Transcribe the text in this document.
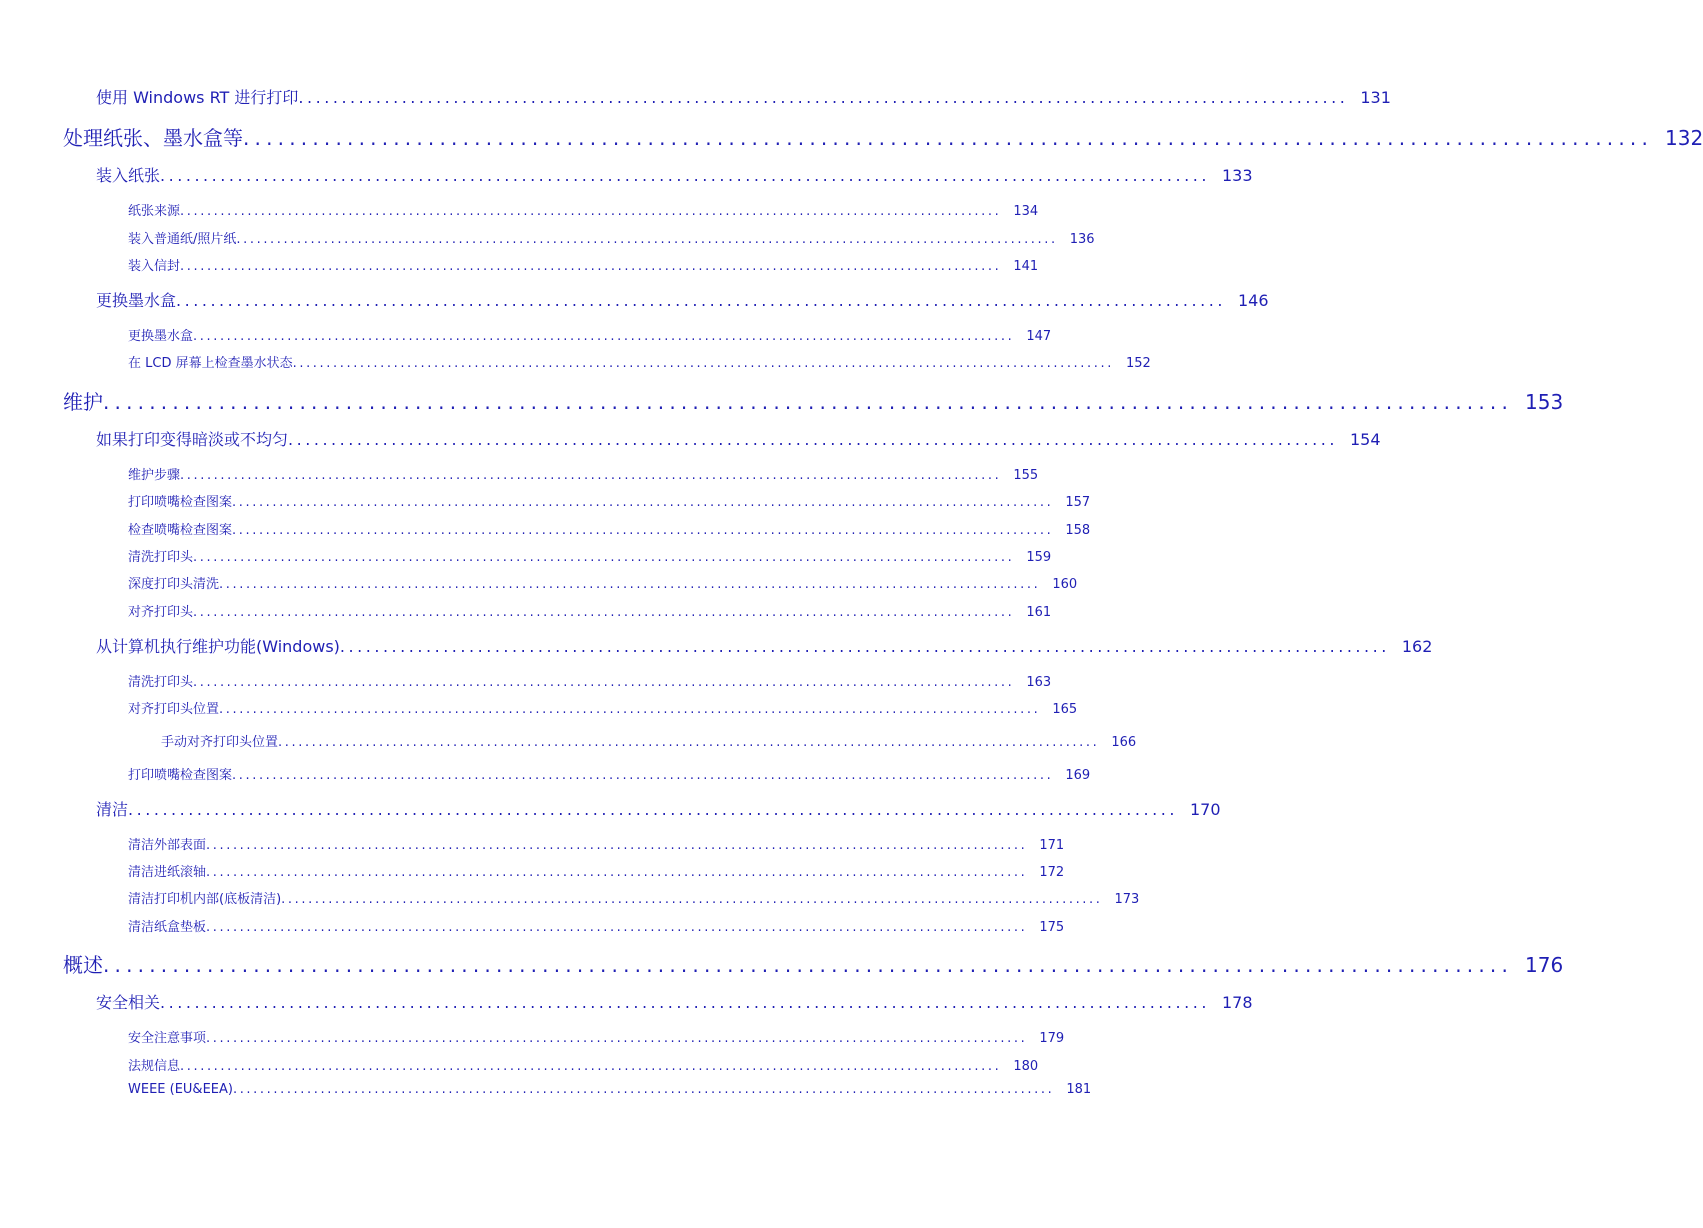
使用 Windows RT 进行打印 .......................................................................................................................... 131
处理纸张、墨水盒等 .......................................................................................................................... 132
装入纸张 .......................................................................................................................... 133
纸张来源 .......................................................................................................................... 134
装入普通纸/照片纸 .......................................................................................................................... 136
装入信封 .......................................................................................................................... 141
更换墨水盒 .......................................................................................................................... 146
更换墨水盒 .......................................................................................................................... 147
在 LCD 屏幕上检查墨水状态 .......................................................................................................................... 152
维护 .......................................................................................................................... 153
如果打印变得暗淡或不均匀 .......................................................................................................................... 154
维护步骤 .......................................................................................................................... 155
打印喷嘴检查图案 .......................................................................................................................... 157
检查喷嘴检查图案 .......................................................................................................................... 158
清洗打印头 .......................................................................................................................... 159
深度打印头清洗 .......................................................................................................................... 160
对齐打印头 .......................................................................................................................... 161
从计算机执行维护功能(Windows) .......................................................................................................................... 162
清洗打印头 .......................................................................................................................... 163
对齐打印头位置 .......................................................................................................................... 165
手动对齐打印头位置 .......................................................................................................................... 166
打印喷嘴检查图案 .......................................................................................................................... 169
清洁 .......................................................................................................................... 170
清洁外部表面 .......................................................................................................................... 171
清洁进纸滚轴 .......................................................................................................................... 172
清洁打印机内部(底板清洁) .......................................................................................................................... 173
清洁纸盒垫板 .......................................................................................................................... 175
概述 .......................................................................................................................... 176
安全相关 .......................................................................................................................... 178
安全注意事项 .......................................................................................................................... 179
法规信息 .......................................................................................................................... 180
WEEE (EU&EEA) .......................................................................................................................... 181
